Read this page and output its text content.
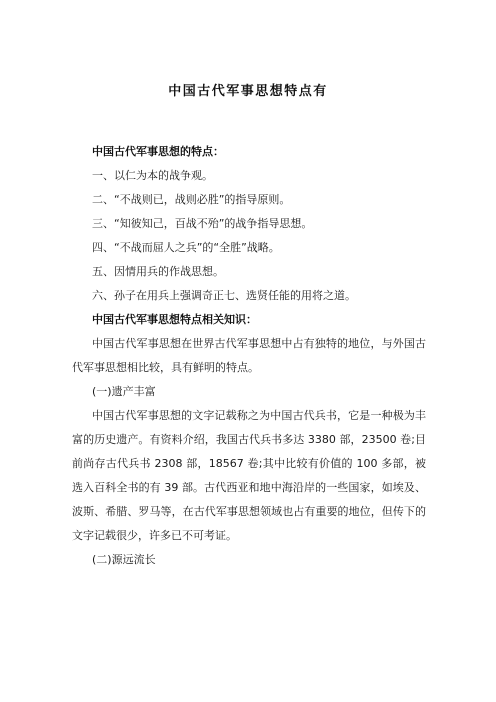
中国古代军事思想特点有
中国古代军事思想的特点：
一、以仁为本的战争观。
二、“不战则已，战则必胜”的指导原则。
三、“知彼知己，百战不殆”的战争指导思想。
四、“不战而屈人之兵”的“全胜”战略。
五、因情用兵的作战思想。
六、孙子在用兵上强调奇正七、选贤任能的用将之道。
中国古代军事思想特点相关知识：
中国古代军事思想在世界古代军事思想中占有独特的地位，与外国古代军事思想相比较，具有鲜明的特点。
(一)遗产丰富
中国古代军事思想的文字记载称之为中国古代兵书，它是一种极为丰富的历史遗产。有资料介绍，我国古代兵书多达 3380 部，23500 卷;目前尚存古代兵书 2308 部，18567 卷;其中比较有价值的 100 多部，被选入百科全书的有 39 部。古代西亚和地中海沿岸的一些国家，如埃及、波斯、希腊、罗马等，在古代军事思想领域也占有重要的地位，但传下的文字记载很少，许多已不可考证。
(二)源远流长
